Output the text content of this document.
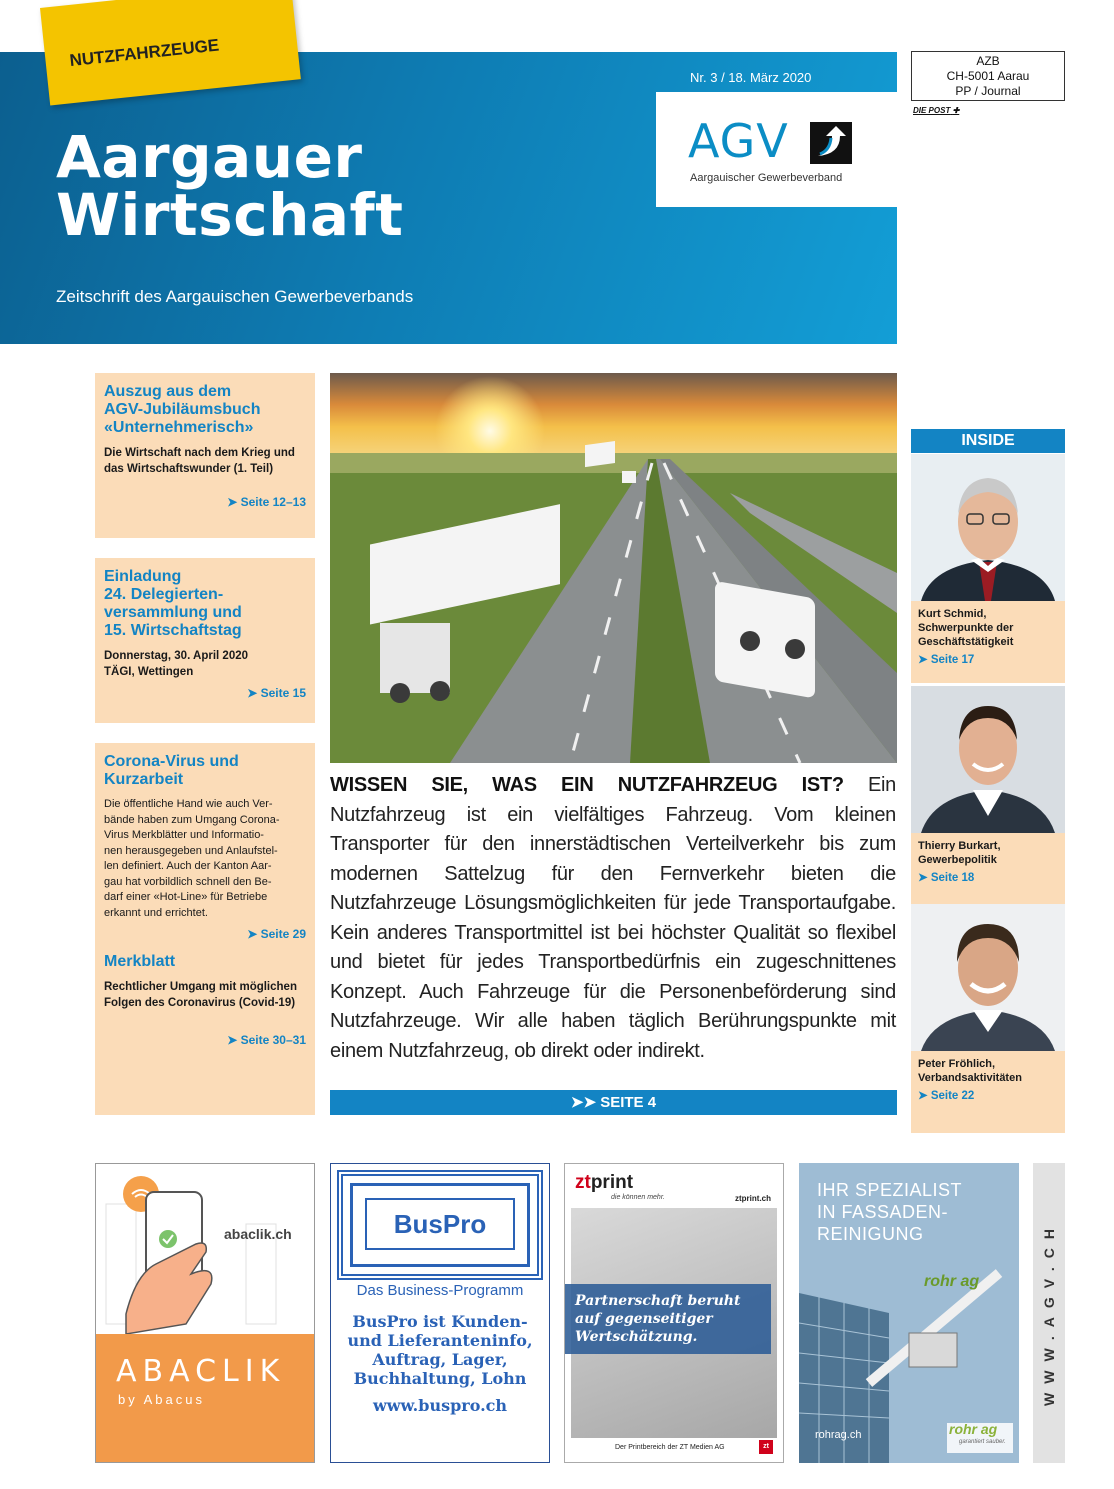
NUTZFAHRZEUGE
Nr. 3 / 18. März 2020
Aargauer
Wirtschaft
Zeitschrift des Aargauischen Gewerbeverbands
AGV
Aargauischer Gewerbeverband
AZB
CH-5001 Aarau
PP / Journal
DIE POST ✚
Auszug aus dem
AGV-Jubiläumsbuch
«Unternehmerisch»
Die Wirtschaft nach dem Krieg und
das Wirtschaftswunder (1. Teil)
➤ Seite 12–13
Einladung
24. Delegierten-
versammlung und
15. Wirtschaftstag
Donnerstag, 30. April 2020
TÄGI, Wettingen
➤ Seite 15
Corona-Virus und
Kurzarbeit
Die öffentliche Hand wie auch Ver-
bände haben zum Umgang Corona-
Virus Merkblätter und Informatio-
nen herausgegeben und Anlaufstel-
len definiert. Auch der Kanton Aar-
gau hat vorbildlich schnell den Be-
darf einer «Hot-Line» für Betriebe
erkannt und errichtet.
➤ Seite 29
Merkblatt
Rechtlicher Umgang mit möglichen
Folgen des Coronavirus (Covid-19)
➤ Seite 30–31
WISSEN SIE, WAS EIN NUTZFAHRZEUG IST? Ein Nutzfahrzeug ist ein vielfältiges Fahrzeug. Vom kleinen Transporter für den innerstädtischen Verteilverkehr bis zum modernen Sattelzug für den Fernverkehr bieten die Nutzfahrzeuge Lösungsmöglichkeiten für jede Transportaufgabe. Kein anderes Transportmittel ist bei höchster Qualität so flexibel und bietet für jedes Transportbedürfnis ein zugeschnittenes Konzept. Auch Fahrzeuge für die Personenbeförderung sind Nutzfahrzeuge. Wir alle haben täglich Berührungspunkte mit einem Nutzfahrzeug, ob direkt oder indirekt.
➤➤ SEITE 4
INSIDE
Kurt Schmid,
Schwerpunkte der
Geschäftstätigkeit
➤ Seite 17
Thierry Burkart,
Gewerbepolitik
➤ Seite 18
Peter Fröhlich,
Verbandsaktivitäten
➤ Seite 22
abaclik.ch
ABACLIK
by Abacus
BusPro
Das Business-Programm
BusPro ist Kunden-
und Lieferanteninfo,
Auftrag, Lager,
Buchhaltung, Lohn
www.buspro.ch
ztprint
die können mehr.	ztprint.ch
Partnerschaft beruht auf gegenseitiger Wertschätzung.
Der Printbereich der ZT Medien AG	zt
IHR SPEZIALIST
IN FASSADEN-
REINIGUNG
rohr ag
rohr ag
garantiert sauber.
rohrag.ch
WWW.AGV.CH
